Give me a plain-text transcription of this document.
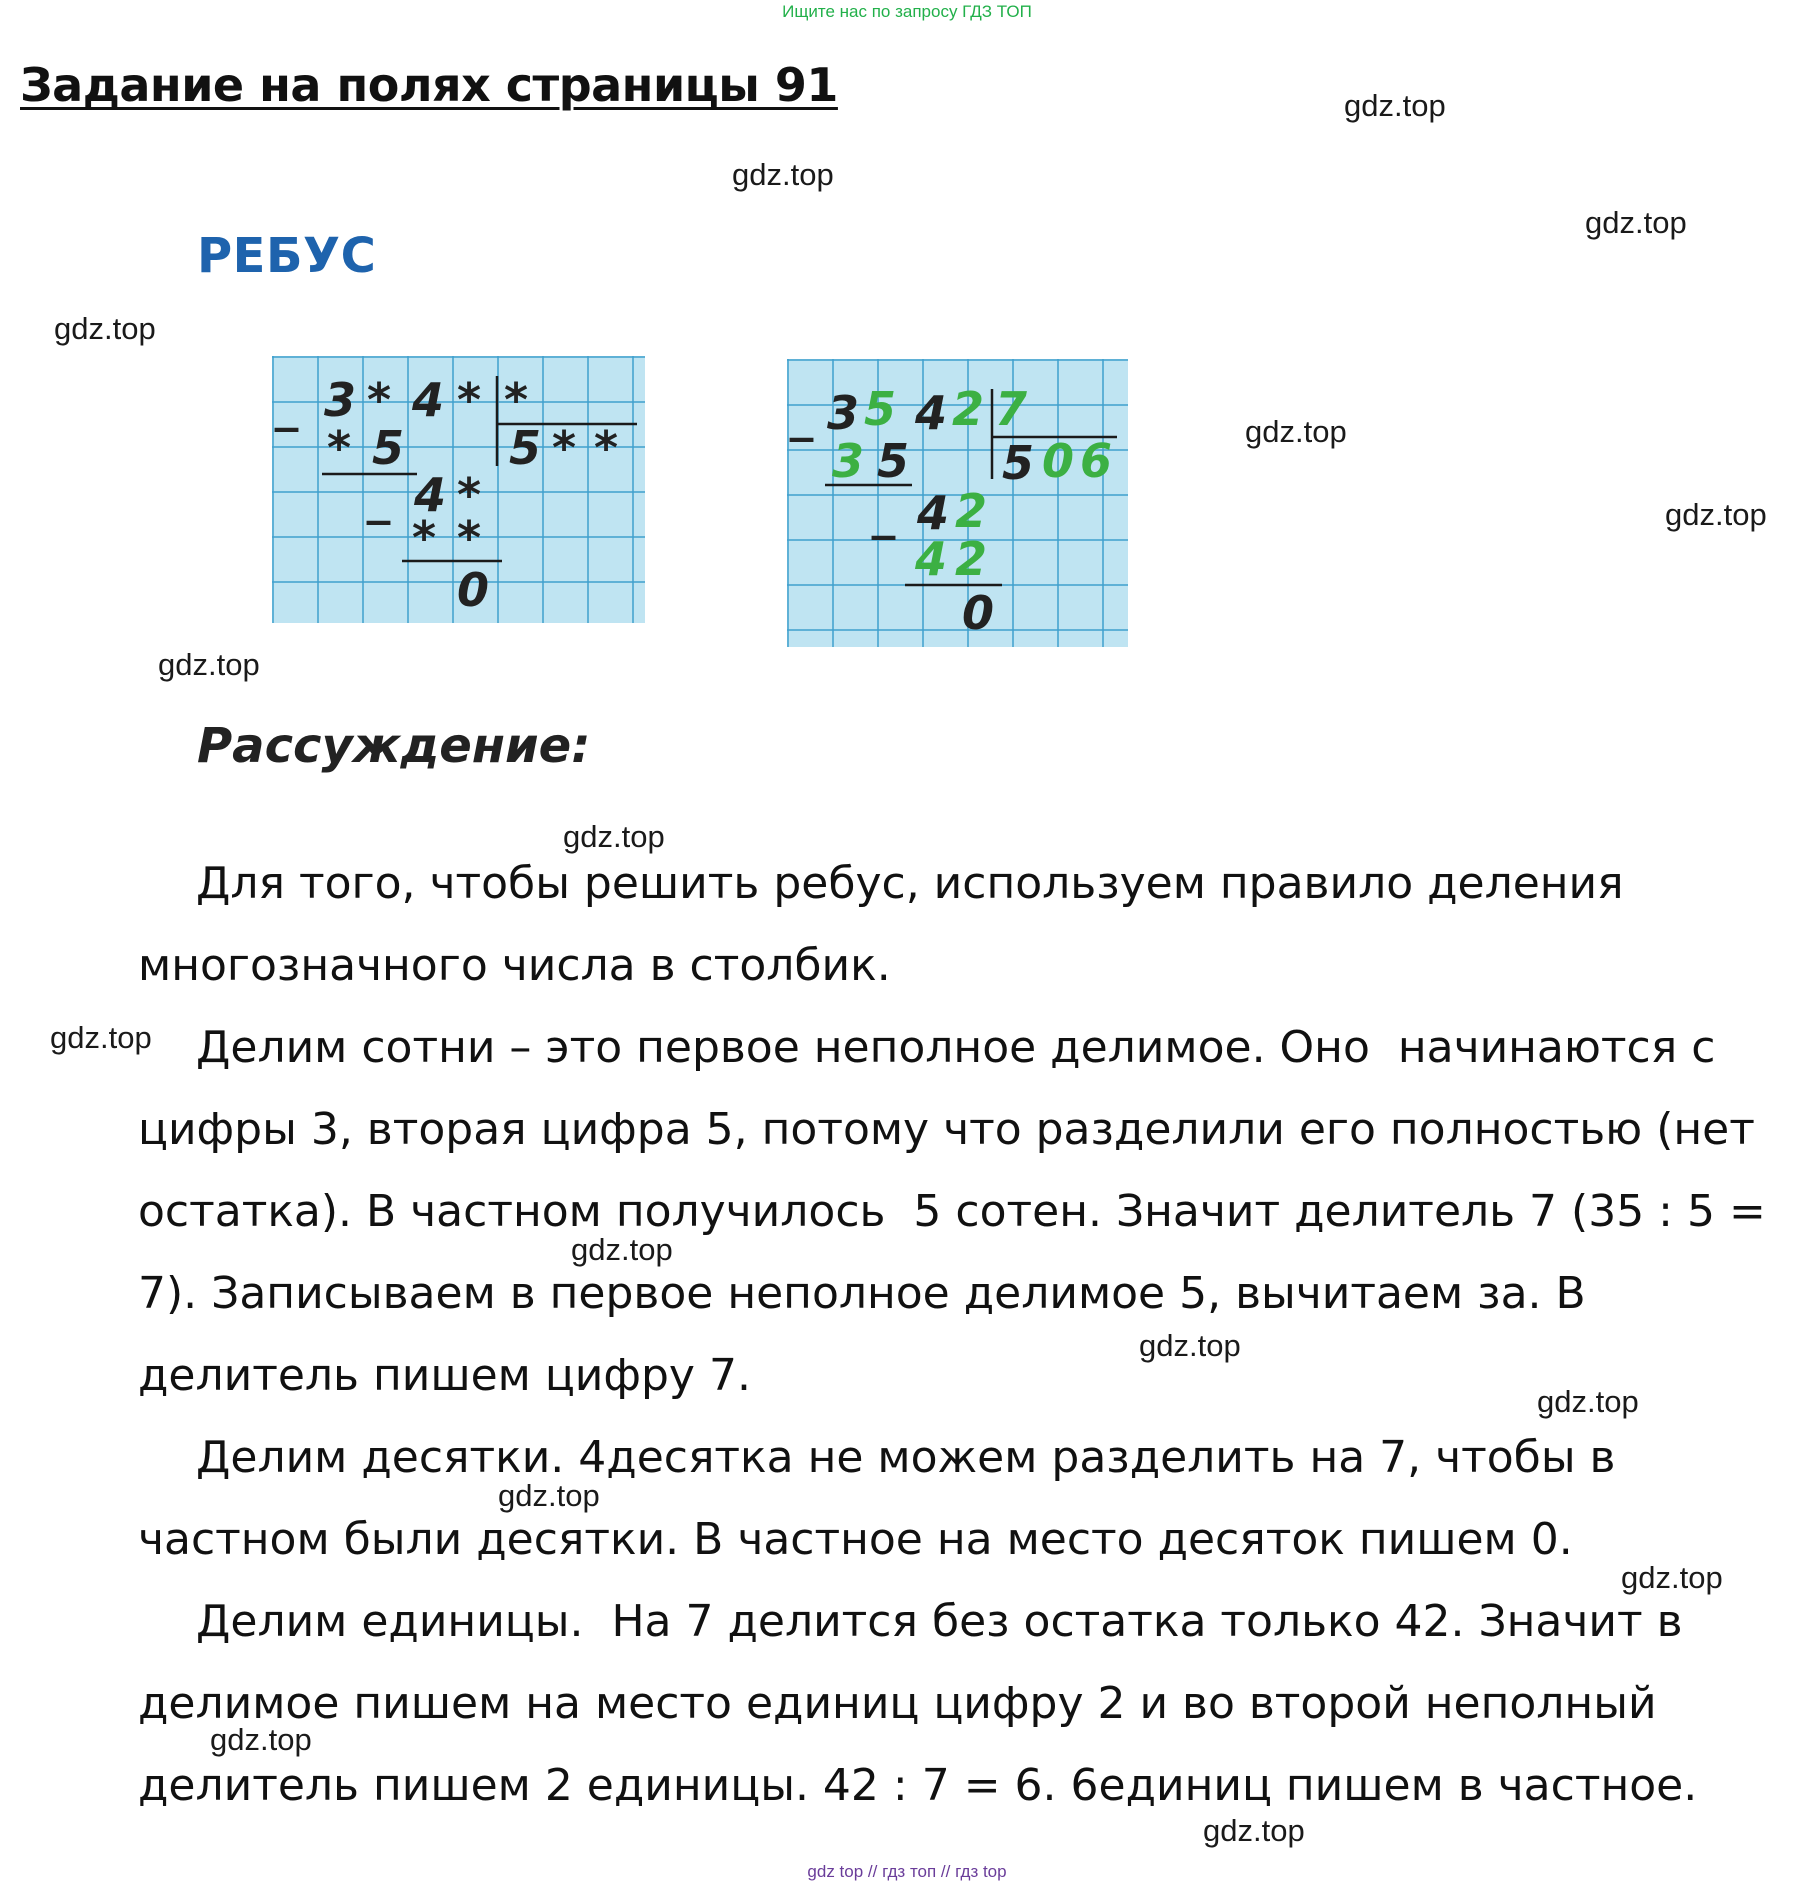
Ищите нас по запросу ГДЗ ТОП
Задание на полях страницы 91	gdz.top
gdz.top
gdz.top
gdz.top
gdz.top
gdz.top
gdz.top
gdz.top
gdz.top
gdz.top
gdz.top
gdz.top
gdz.top
gdz.top
gdz.top
gdz.top
РЕБУС
_ 3 * 4 * *
* 5 5 * *
_ 4 *
* *
0
_ 3 5 4 2 7
3 5 5 0 6
_ 4 2
4 2
0
Рассуждение:

Для того, чтобы решить ребус, используем правило деления многозначного числа в столбик.

Делим сотни – это первое неполное делимое. Оно  начинаются с цифры 3, вторая цифра 5, потому что разделили его полностью (нет остатка). В частном получилось  5 сотен. Значит делитель 7 (35 : 5 = 7). Записываем в первое неполное делимое 5, вычитаем за. В делитель пишем цифру 7.

Делим десятки. 4десятка не можем разделить на 7, чтобы в частном были десятки. В частное на место десяток пишем 0.

Делим единицы.  На 7 делится без остатка только 42. Значит в делимое пишем на место единиц цифру 2 и во второй неполный делитель пишем 2 единицы. 42 : 7 = 6. 6единиц пишем в частное.

gdz top // гдз топ // гдз top
